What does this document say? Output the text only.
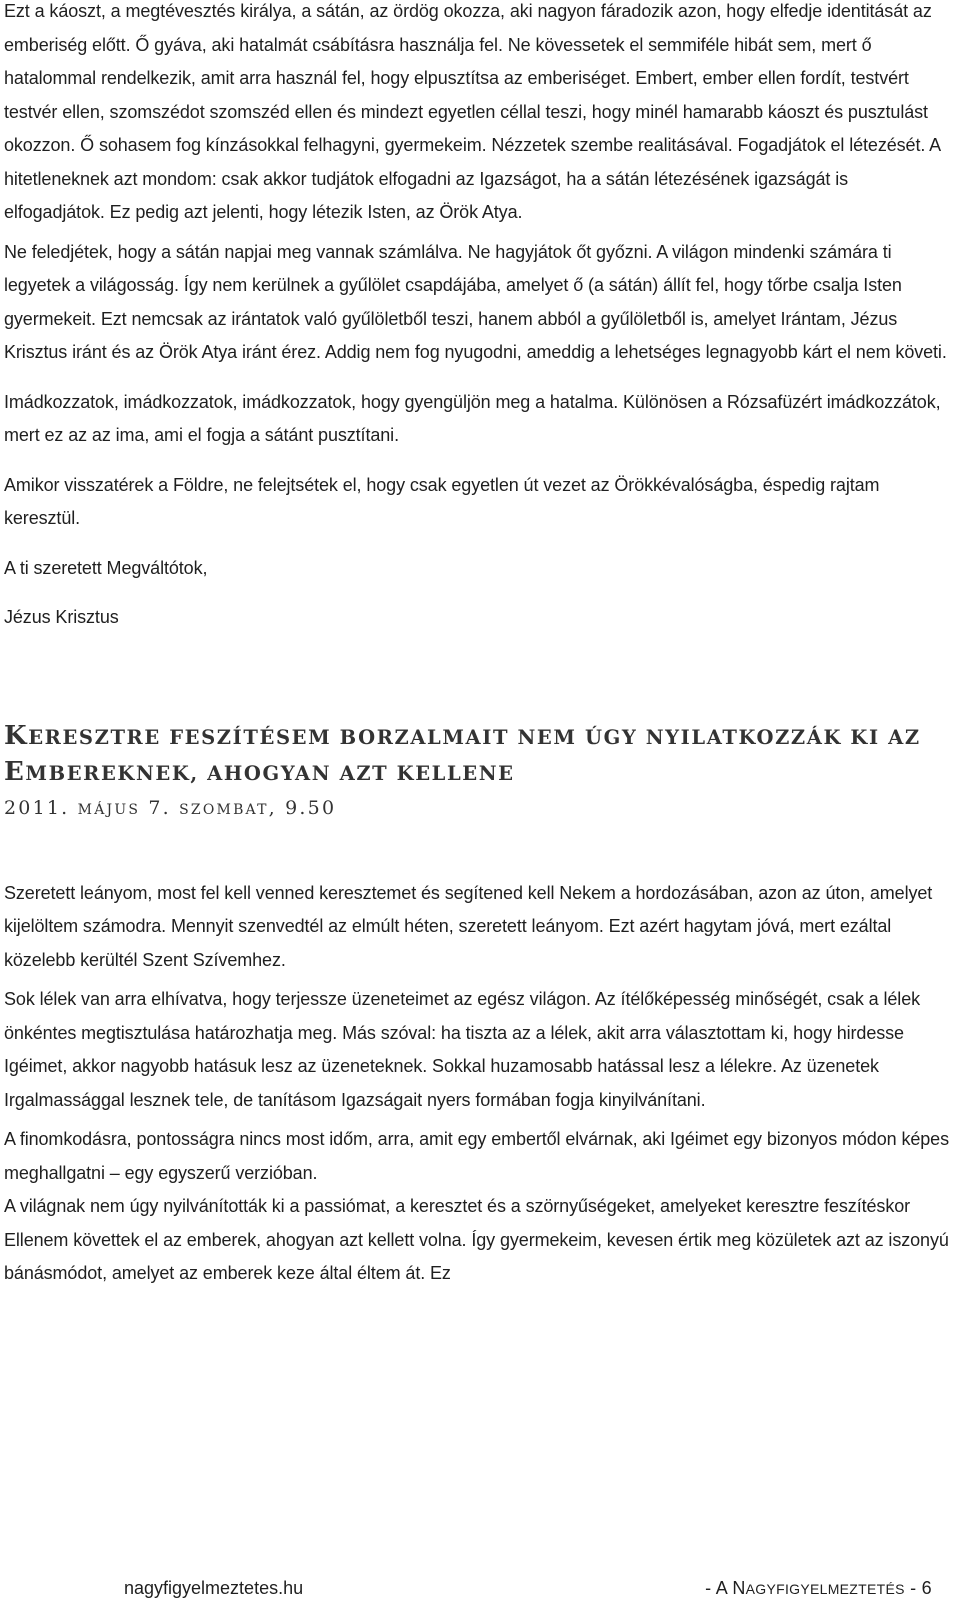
Ezt a káoszt, a megtévesztés királya, a sátán, az ördög okozza, aki nagyon fáradozik azon, hogy elfedje identitását az emberiség előtt. Ő gyáva, aki hatalmát csábításra használja fel. Ne kövessetek el semmiféle hibát sem, mert ő hatalommal rendelkezik, amit arra használ fel, hogy elpusztítsa az emberiséget. Embert, ember ellen fordít, testvért testvér ellen, szomszédot szomszéd ellen és mindezt egyetlen céllal teszi, hogy minél hamarabb káoszt és pusztulást okozzon. Ő sohasem fog kínzásokkal felhagyni, gyermekeim. Nézzetek szembe realitásával. Fogadjátok el létezését. A hitetleneknek azt mondom: csak akkor tudjátok elfogadni az Igazságot, ha a sátán létezésének igazságát is elfogadjátok. Ez pedig azt jelenti, hogy létezik Isten, az Örök Atya.

Ne feledjétek, hogy a sátán napjai meg vannak számlálva. Ne hagyjátok őt győzni. A világon mindenki számára ti legyetek a világosság. Így nem kerülnek a gyűlölet csapdájába, amelyet ő (a sátán) állít fel, hogy tőrbe csalja Isten gyermekeit. Ezt nemcsak az irántatok való gyűlöletből teszi, hanem abból a gyűlöletből is, amelyet Irántam, Jézus Krisztus iránt és az Örök Atya iránt érez. Addig nem fog nyugodni, ameddig a lehetséges legnagyobb kárt el nem követi.

Imádkozzatok, imádkozzatok, imádkozzatok, hogy gyengüljön meg a hatalma. Különösen a Rózsafüzért imádkozzátok, mert ez az az ima, ami el fogja a sátánt pusztítani.

Amikor visszatérek a Földre, ne felejtsétek el, hogy csak egyetlen út vezet az Örökkévalóságba, éspedig rajtam keresztül.

A ti szeretett Megváltótok,

Jézus Krisztus

KERESZTRE FESZÍTÉSEM BORZALMAIT NEM ÚGY NYILATKOZZÁK KI AZ

EMBEREKNEK, AHOGYAN AZT KELLENE

2011. MÁJUS 7. SZOMBAT, 9.50

Szeretett leányom, most fel kell venned keresztemet és segítened kell Nekem a hordozásában, azon az úton, amelyet kijelöltem számodra. Mennyit szenvedtél az elmúlt héten, szeretett leányom. Ezt azért hagytam jóvá, mert ezáltal közelebb kerültél Szent Szívemhez.

Sok lélek van arra elhívatva, hogy terjessze üzeneteimet az egész világon. Az ítélőképesség minőségét, csak a lélek önkéntes megtisztulása határozhatja meg. Más szóval: ha tiszta az a lélek, akit arra választottam ki, hogy hirdesse Igéimet, akkor nagyobb hatásuk lesz az üzeneteknek. Sokkal huzamosabb hatással lesz a lélekre. Az üzenetek Irgalmassággal lesznek tele, de tanításom Igazságait nyers formában fogja kinyilvánítani.

A finomkodásra, pontosságra nincs most időm, arra, amit egy embertől elvárnak, aki Igéimet egy bizonyos módon képes meghallgatni – egy egyszerű verzióban.

A világnak nem úgy nyilvánították ki a passiómat, a keresztet és a szörnyűségeket, amelyeket keresztre feszítéskor Ellenem követtek el az emberek, ahogyan azt kellett volna. Így gyermekeim, kevesen értik meg közületek azt az iszonyú bánásmódot, amelyet az emberek keze által éltem át. Ez

nagyfigyelmeztetes.hu	- A NAGYFIGYELMEZTETÉS - 6
